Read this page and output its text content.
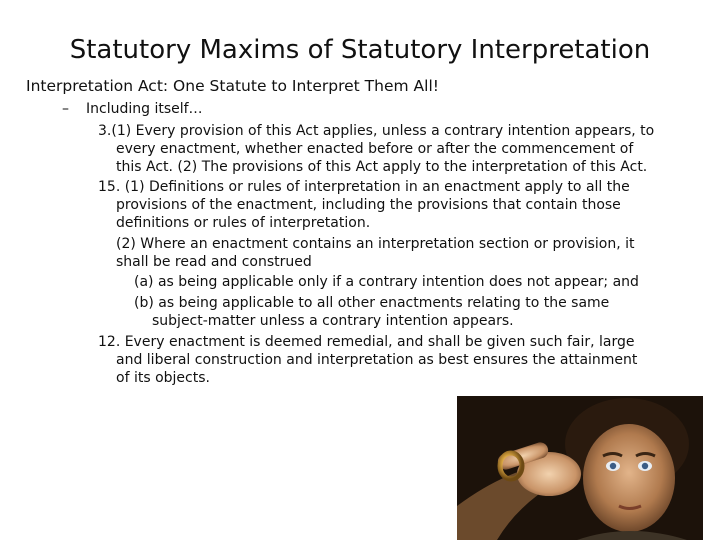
Statutory Maxims of Statutory Interpretation
Interpretation Act: One Statute to Interpret Them All!
– Including itself…
3.(1) Every provision of this Act applies, unless a contrary intention appears, to
every enactment, whether enacted before or after the commencement of
this Act. (2) The provisions of this Act apply to the interpretation of this Act.
15. (1) Definitions or rules of interpretation in an enactment apply to all the
provisions of the enactment, including the provisions that contain those
definitions or rules of interpretation.
(2) Where an enactment contains an interpretation section or provision, it
shall be read and construed
(a) as being applicable only if a contrary intention does not appear; and
(b) as being applicable to all other enactments relating to the same
subject-matter unless a contrary intention appears.
12. Every enactment is deemed remedial, and shall be given such fair, large
and liberal construction and interpretation as best ensures the attainment
of its objects.
